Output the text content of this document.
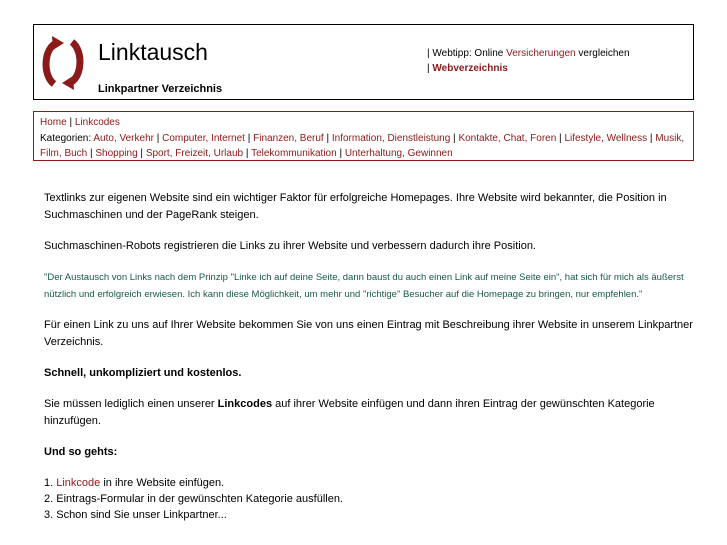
Linktausch
Linkpartner Verzeichnis
| Webtipp: Online Versicherungen vergleichen
| Webverzeichnis
Home | Linkcodes
Kategorien: Auto, Verkehr | Computer, Internet | Finanzen, Beruf | Information, Dienstleistung | Kontakte, Chat, Foren | Lifestyle, Wellness | Musik, Film, Buch | Shopping | Sport, Freizeit, Urlaub | Telekommunikation | Unterhaltung, Gewinnen

Textlinks zur eigenen Website sind ein wichtiger Faktor für erfolgreiche Homepages. Ihre Website wird bekannter, die Position in Suchmaschinen und der PageRank steigen.

Suchmaschinen-Robots registrieren die Links zu ihrer Website und verbessern dadurch ihre Position.

"Der Austausch von Links nach dem Prinzip "Linke ich auf deine Seite, dann baust du auch einen Link auf meine Seite ein", hat sich für mich als äußerst nützlich und erfolgreich erwiesen. Ich kann diese Möglichkeit, um mehr und "richtige" Besucher auf die Homepage zu bringen, nur empfehlen."

Für einen Link zu uns auf Ihrer Website bekommen Sie von uns einen Eintrag mit Beschreibung ihrer Website in unserem Linkpartner Verzeichnis.

Schnell, unkompliziert und kostenlos.

Sie müssen lediglich einen unserer Linkcodes auf ihrer Website einfügen und dann ihren Eintrag der gewünschten Kategorie hinzufügen.

Und so gehts:

1. Linkcode in ihre Website einfügen.
2. Eintrags-Formular in der gewünschten Kategorie ausfüllen.
3. Schon sind Sie unser Linkpartner...
